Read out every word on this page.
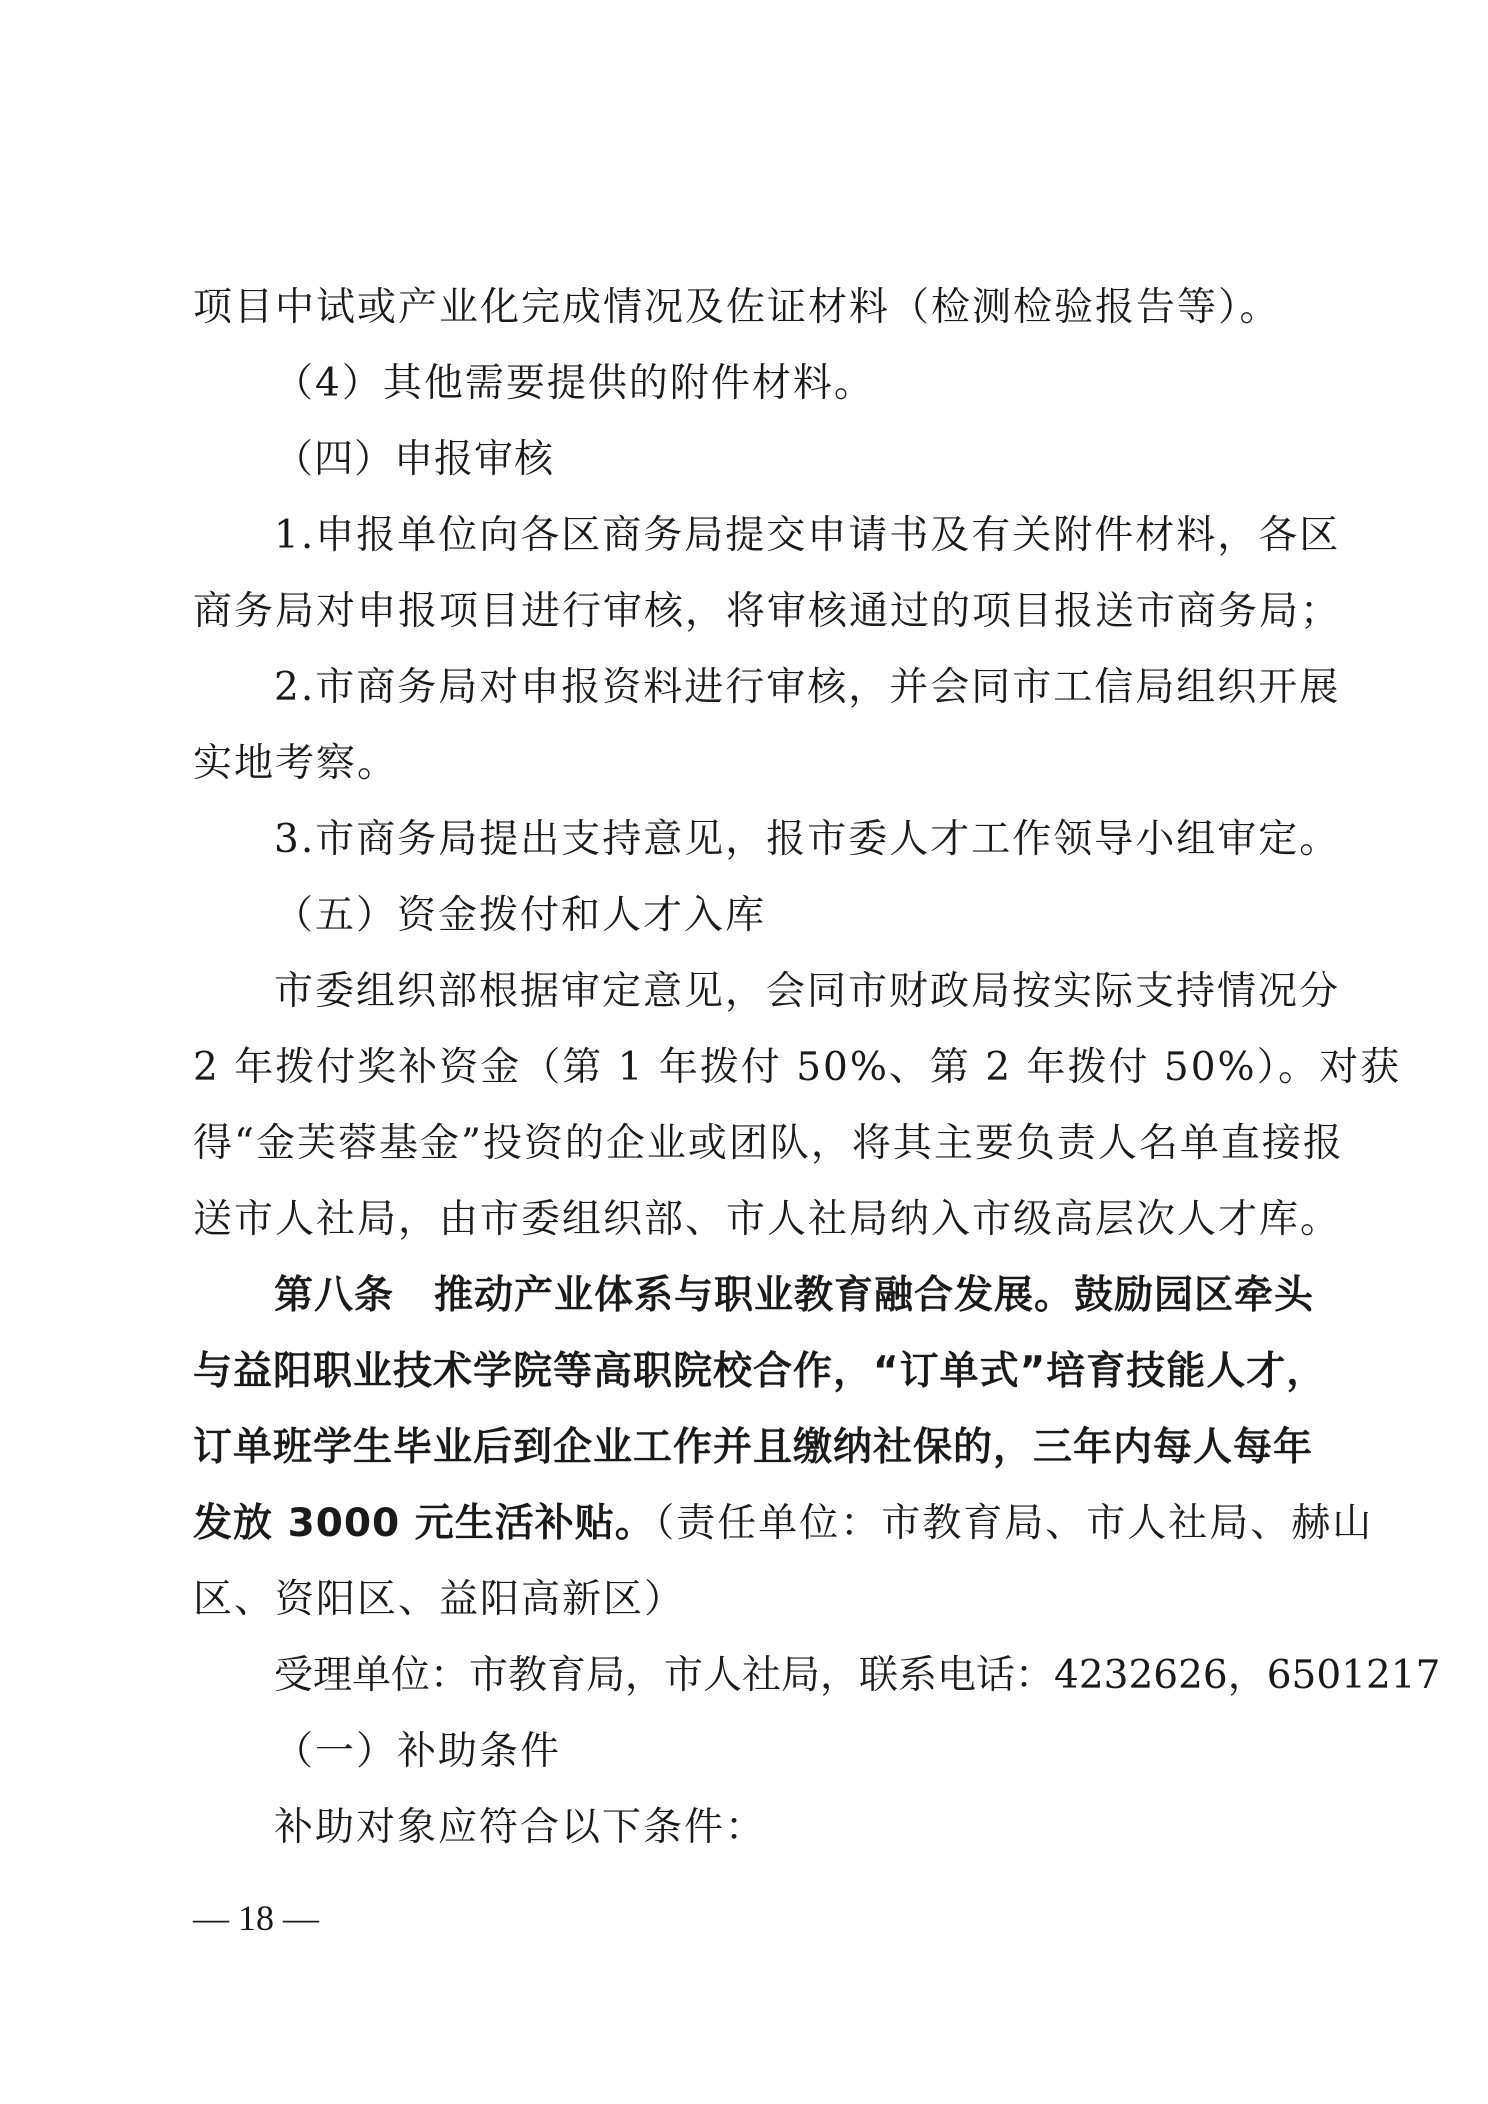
项目中试或产业化完成情况及佐证材料（检测检验报告等）。
（4）其他需要提供的附件材料。
（四）申报审核
1.申报单位向各区商务局提交申请书及有关附件材料，各区
商务局对申报项目进行审核，将审核通过的项目报送市商务局；
2.市商务局对申报资料进行审核，并会同市工信局组织开展
实地考察。
3.市商务局提出支持意见，报市委人才工作领导小组审定。
（五）资金拨付和人才入库
市委组织部根据审定意见，会同市财政局按实际支持情况分
2 年拨付奖补资金（第 1 年拨付 50%、第 2 年拨付 50%）。对获
得“金芙蓉基金”投资的企业或团队，将其主要负责人名单直接报
送市人社局，由市委组织部、市人社局纳入市级高层次人才库。
第八条　推动产业体系与职业教育融合发展。鼓励园区牵头
与益阳职业技术学院等高职院校合作，“订单式”培育技能人才，
订单班学生毕业后到企业工作并且缴纳社保的，三年内每人每年
发放 3000 元生活补贴。（责任单位：市教育局、市人社局、赫山
区、资阳区、益阳高新区）
受理单位：市教育局，市人社局，联系电话：4232626，6501217
（一）补助条件
补助对象应符合以下条件：
— 18 —
